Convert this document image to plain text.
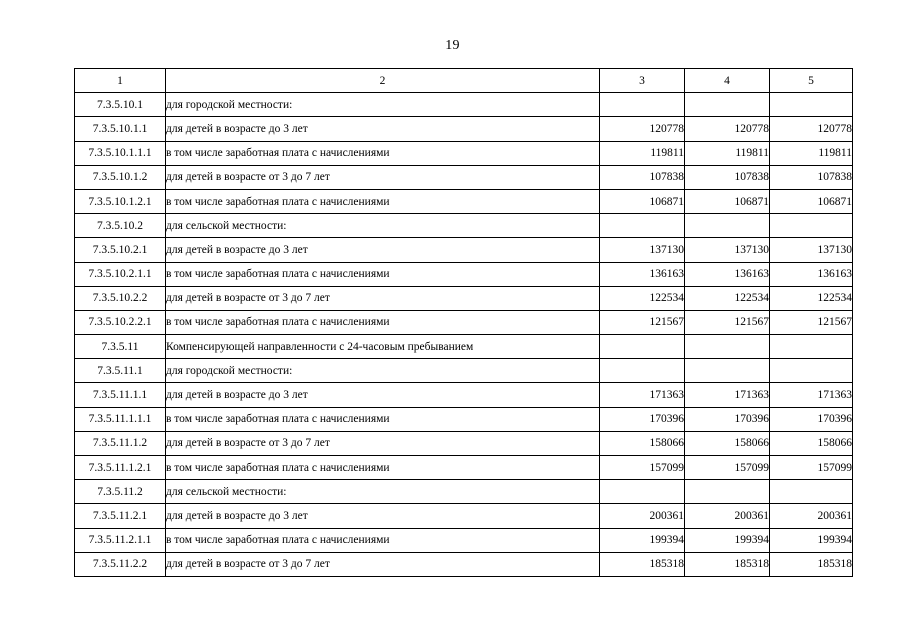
19
1	2	3	4	5
7.3.5.10.1	для городской местности:			
7.3.5.10.1.1	для детей в возрасте до 3 лет	120778	120778	120778
7.3.5.10.1.1.1	в том числе заработная плата с начислениями	119811	119811	119811
7.3.5.10.1.2	для детей в возрасте от 3 до 7 лет	107838	107838	107838
7.3.5.10.1.2.1	в том числе заработная плата с начислениями	106871	106871	106871
7.3.5.10.2	для сельской местности:			
7.3.5.10.2.1	для детей в возрасте до 3 лет	137130	137130	137130
7.3.5.10.2.1.1	в том числе заработная плата с начислениями	136163	136163	136163
7.3.5.10.2.2	для детей в возрасте от 3 до 7 лет	122534	122534	122534
7.3.5.10.2.2.1	в том числе заработная плата с начислениями	121567	121567	121567
7.3.5.11	Компенсирующей направленности с 24-часовым пребыванием			
7.3.5.11.1	для городской местности:			
7.3.5.11.1.1	для детей в возрасте до 3 лет	171363	171363	171363
7.3.5.11.1.1.1	в том числе заработная плата с начислениями	170396	170396	170396
7.3.5.11.1.2	для детей в возрасте от 3 до 7 лет	158066	158066	158066
7.3.5.11.1.2.1	в том числе заработная плата с начислениями	157099	157099	157099
7.3.5.11.2	для сельской местности:			
7.3.5.11.2.1	для детей в возрасте до 3 лет	200361	200361	200361
7.3.5.11.2.1.1	в том числе заработная плата с начислениями	199394	199394	199394
7.3.5.11.2.2	для детей в возрасте от 3 до 7 лет	185318	185318	185318
